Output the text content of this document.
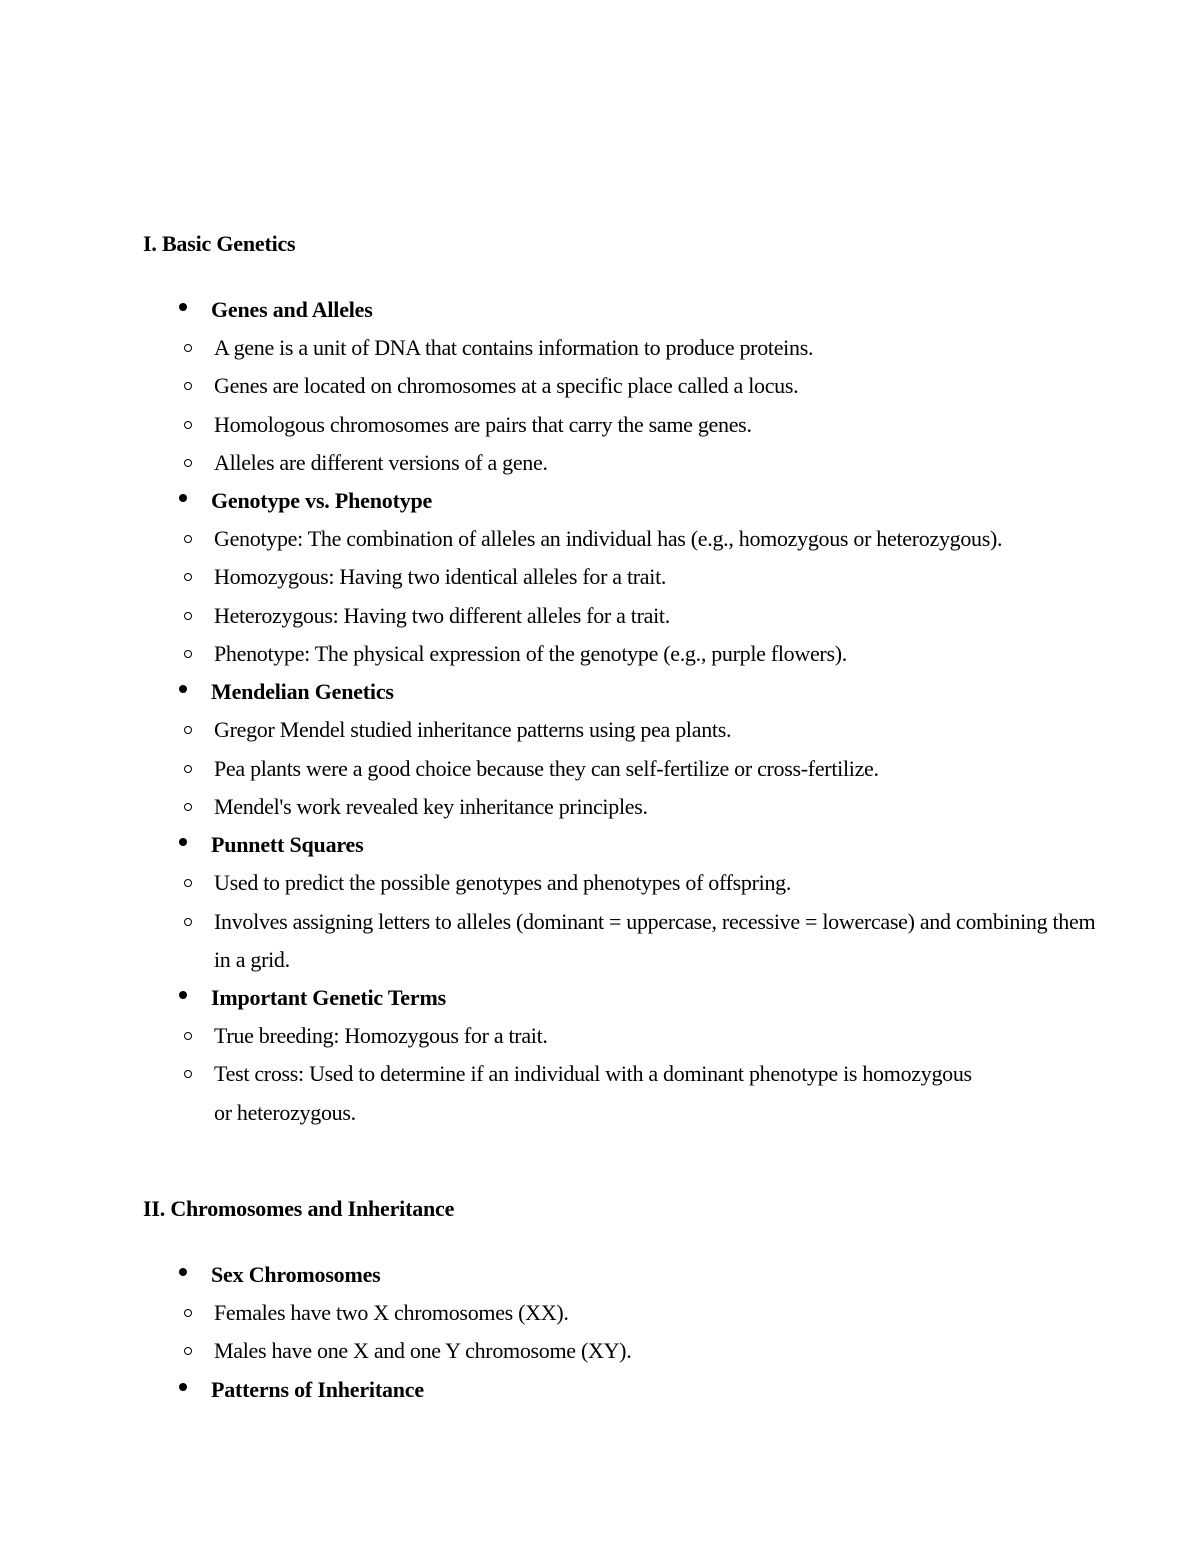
I. Basic Genetics
Genes and Alleles
A gene is a unit of DNA that contains information to produce proteins.
Genes are located on chromosomes at a specific place called a locus.
Homologous chromosomes are pairs that carry the same genes.
Alleles are different versions of a gene.
Genotype vs. Phenotype
Genotype: The combination of alleles an individual has (e.g., homozygous or heterozygous).
Homozygous: Having two identical alleles for a trait.
Heterozygous: Having two different alleles for a trait.
Phenotype: The physical expression of the genotype (e.g., purple flowers).
Mendelian Genetics
Gregor Mendel studied inheritance patterns using pea plants.
Pea plants were a good choice because they can self-fertilize or cross-fertilize.
Mendel's work revealed key inheritance principles.
Punnett Squares
Used to predict the possible genotypes and phenotypes of offspring.
Involves assigning letters to alleles (dominant = uppercase, recessive = lowercase) and combining them in a grid.
Important Genetic Terms
True breeding: Homozygous for a trait.
Test cross: Used to determine if an individual with a dominant phenotype is homozygous or heterozygous.
II. Chromosomes and Inheritance
Sex Chromosomes
Females have two X chromosomes (XX).
Males have one X and one Y chromosome (XY).
Patterns of Inheritance
